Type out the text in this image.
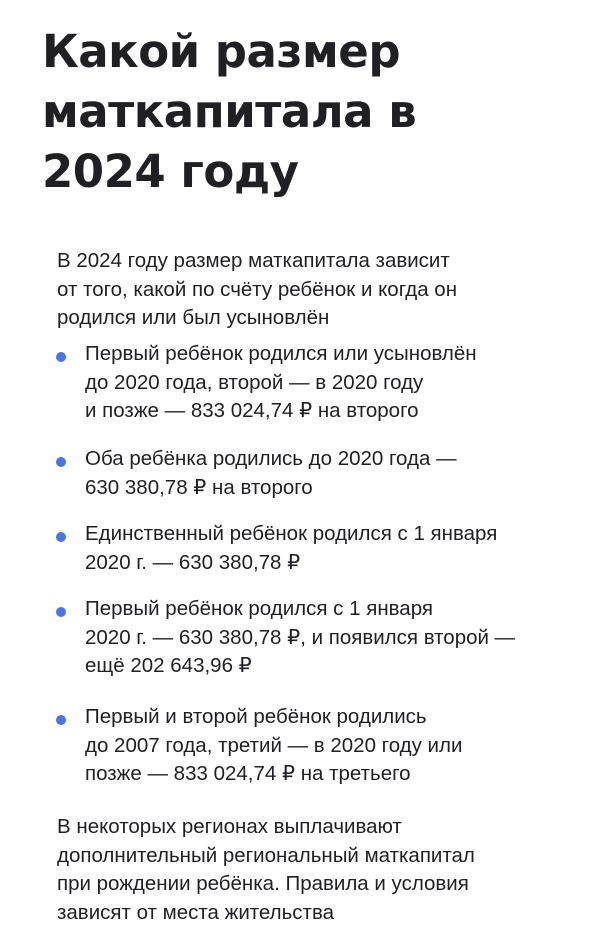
Какой размер
маткапитала в
2024 году

В 2024 году размер маткапитала зависит
от того, какой по счёту ребёнок и когда он
родился или был усыновлён

Первый ребёнок родился или усыновлён
до 2020 года, второй — в 2020 году
и позже — 833 024,74 ₽ на второго
Оба ребёнка родились до 2020 года —
630 380,78 ₽ на второго
Единственный ребёнок родился с 1 января
2020 г. — 630 380,78 ₽
Первый ребёнок родился с 1 января
2020 г. — 630 380,78 ₽, и появился второй —
ещё 202 643,96 ₽
Первый и второй ребёнок родились
до 2007 года, третий — в 2020 году или
позже — 833 024,74 ₽ на третьего

В некоторых регионах выплачивают
дополнительный региональный маткапитал
при рождении ребёнка. Правила и условия
зависят от места жительства
